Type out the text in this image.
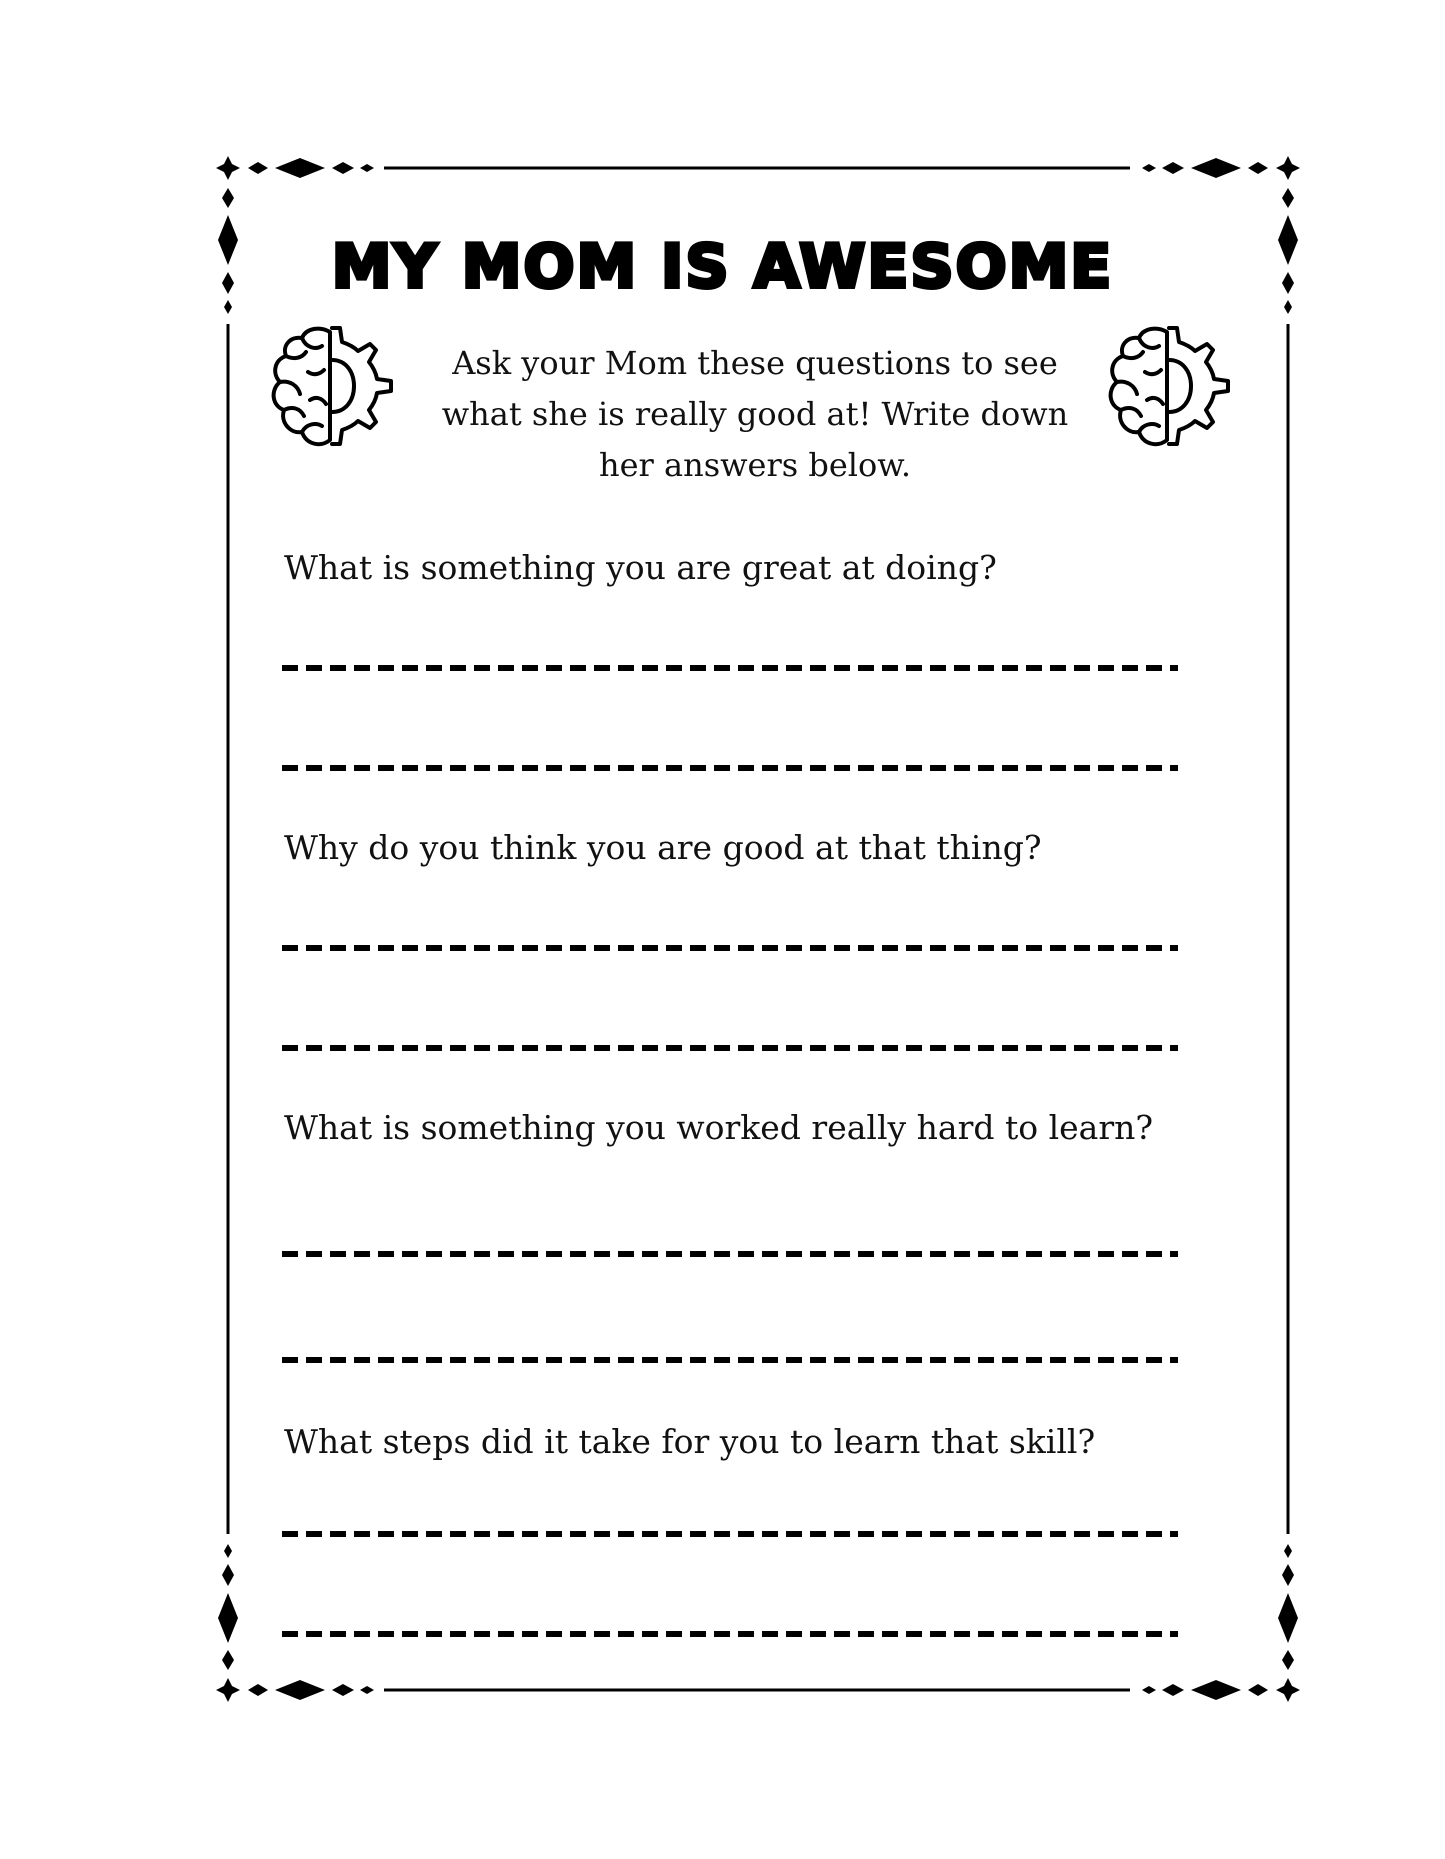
MY MOM IS AWESOME
Ask your Mom these questions to see what she is really good at! Write down her answers below.
What is something you are great at doing?
Why do you think you are good at that thing?
What is something you worked really hard to learn?
What steps did it take for you to learn that skill?
